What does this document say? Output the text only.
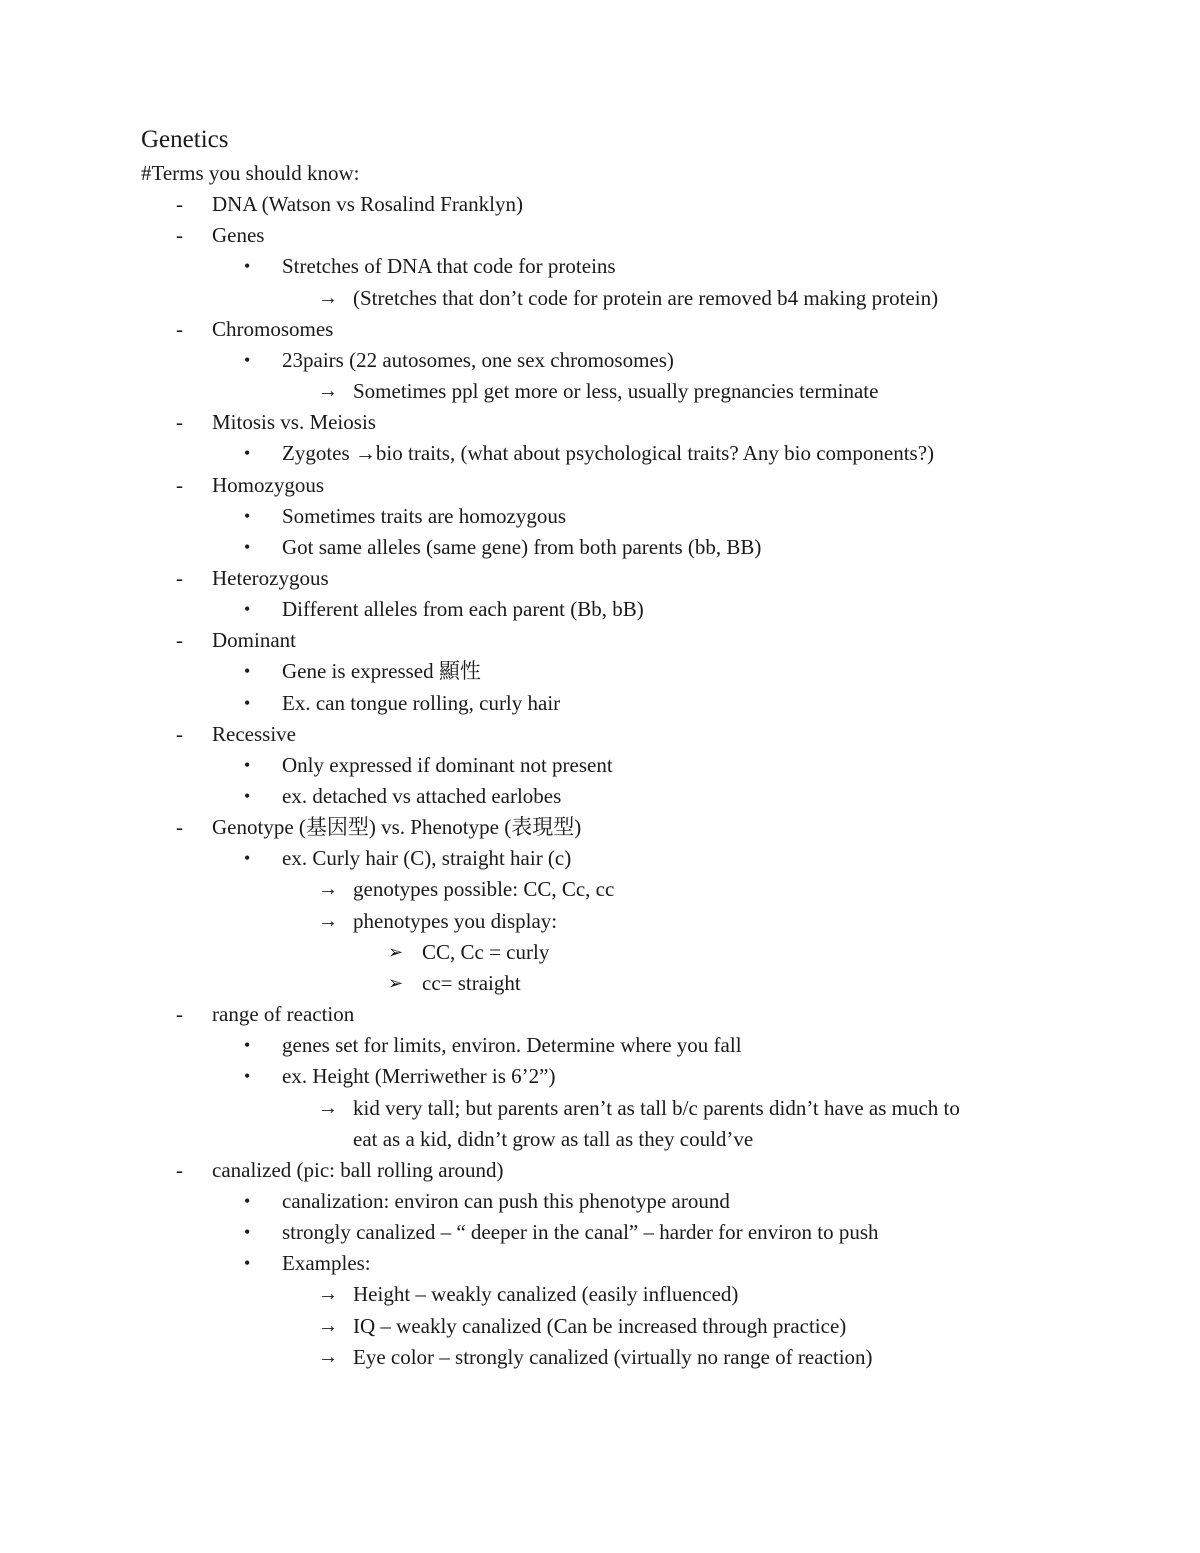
Genetics
#Terms you should know:
- DNA (Watson vs Rosalind Franklyn)
- Genes
• Stretches of DNA that code for proteins
→ (Stretches that don’t code for protein are removed b4 making protein)
- Chromosomes
• 23pairs (22 autosomes, one sex chromosomes)
→ Sometimes ppl get more or less, usually pregnancies terminate
- Mitosis vs. Meiosis
• Zygotes →bio traits, (what about psychological traits? Any bio components?)
- Homozygous
• Sometimes traits are homozygous
• Got same alleles (same gene) from both parents (bb, BB)
- Heterozygous
• Different alleles from each parent (Bb, bB)
- Dominant
• Gene is expressed 顯性
• Ex. can tongue rolling, curly hair
- Recessive
• Only expressed if dominant not present
• ex. detached vs attached earlobes
- Genotype (基因型) vs. Phenotype (表現型)
• ex. Curly hair (C), straight hair (c)
→ genotypes possible: CC, Cc, cc
→ phenotypes you display:
➢ CC, Cc = curly
➢ cc= straight
- range of reaction
• genes set for limits, environ. Determine where you fall
• ex. Height (Merriwether is 6’2”)
→ kid very tall; but parents aren’t as tall b/c parents didn’t have as much to
eat as a kid, didn’t grow as tall as they could’ve
- canalized (pic: ball rolling around)
• canalization: environ can push this phenotype around
• strongly canalized – “ deeper in the canal” – harder for environ to push
• Examples:
→ Height – weakly canalized (easily influenced)
→ IQ – weakly canalized (Can be increased through practice)
→ Eye color – strongly canalized (virtually no range of reaction)
